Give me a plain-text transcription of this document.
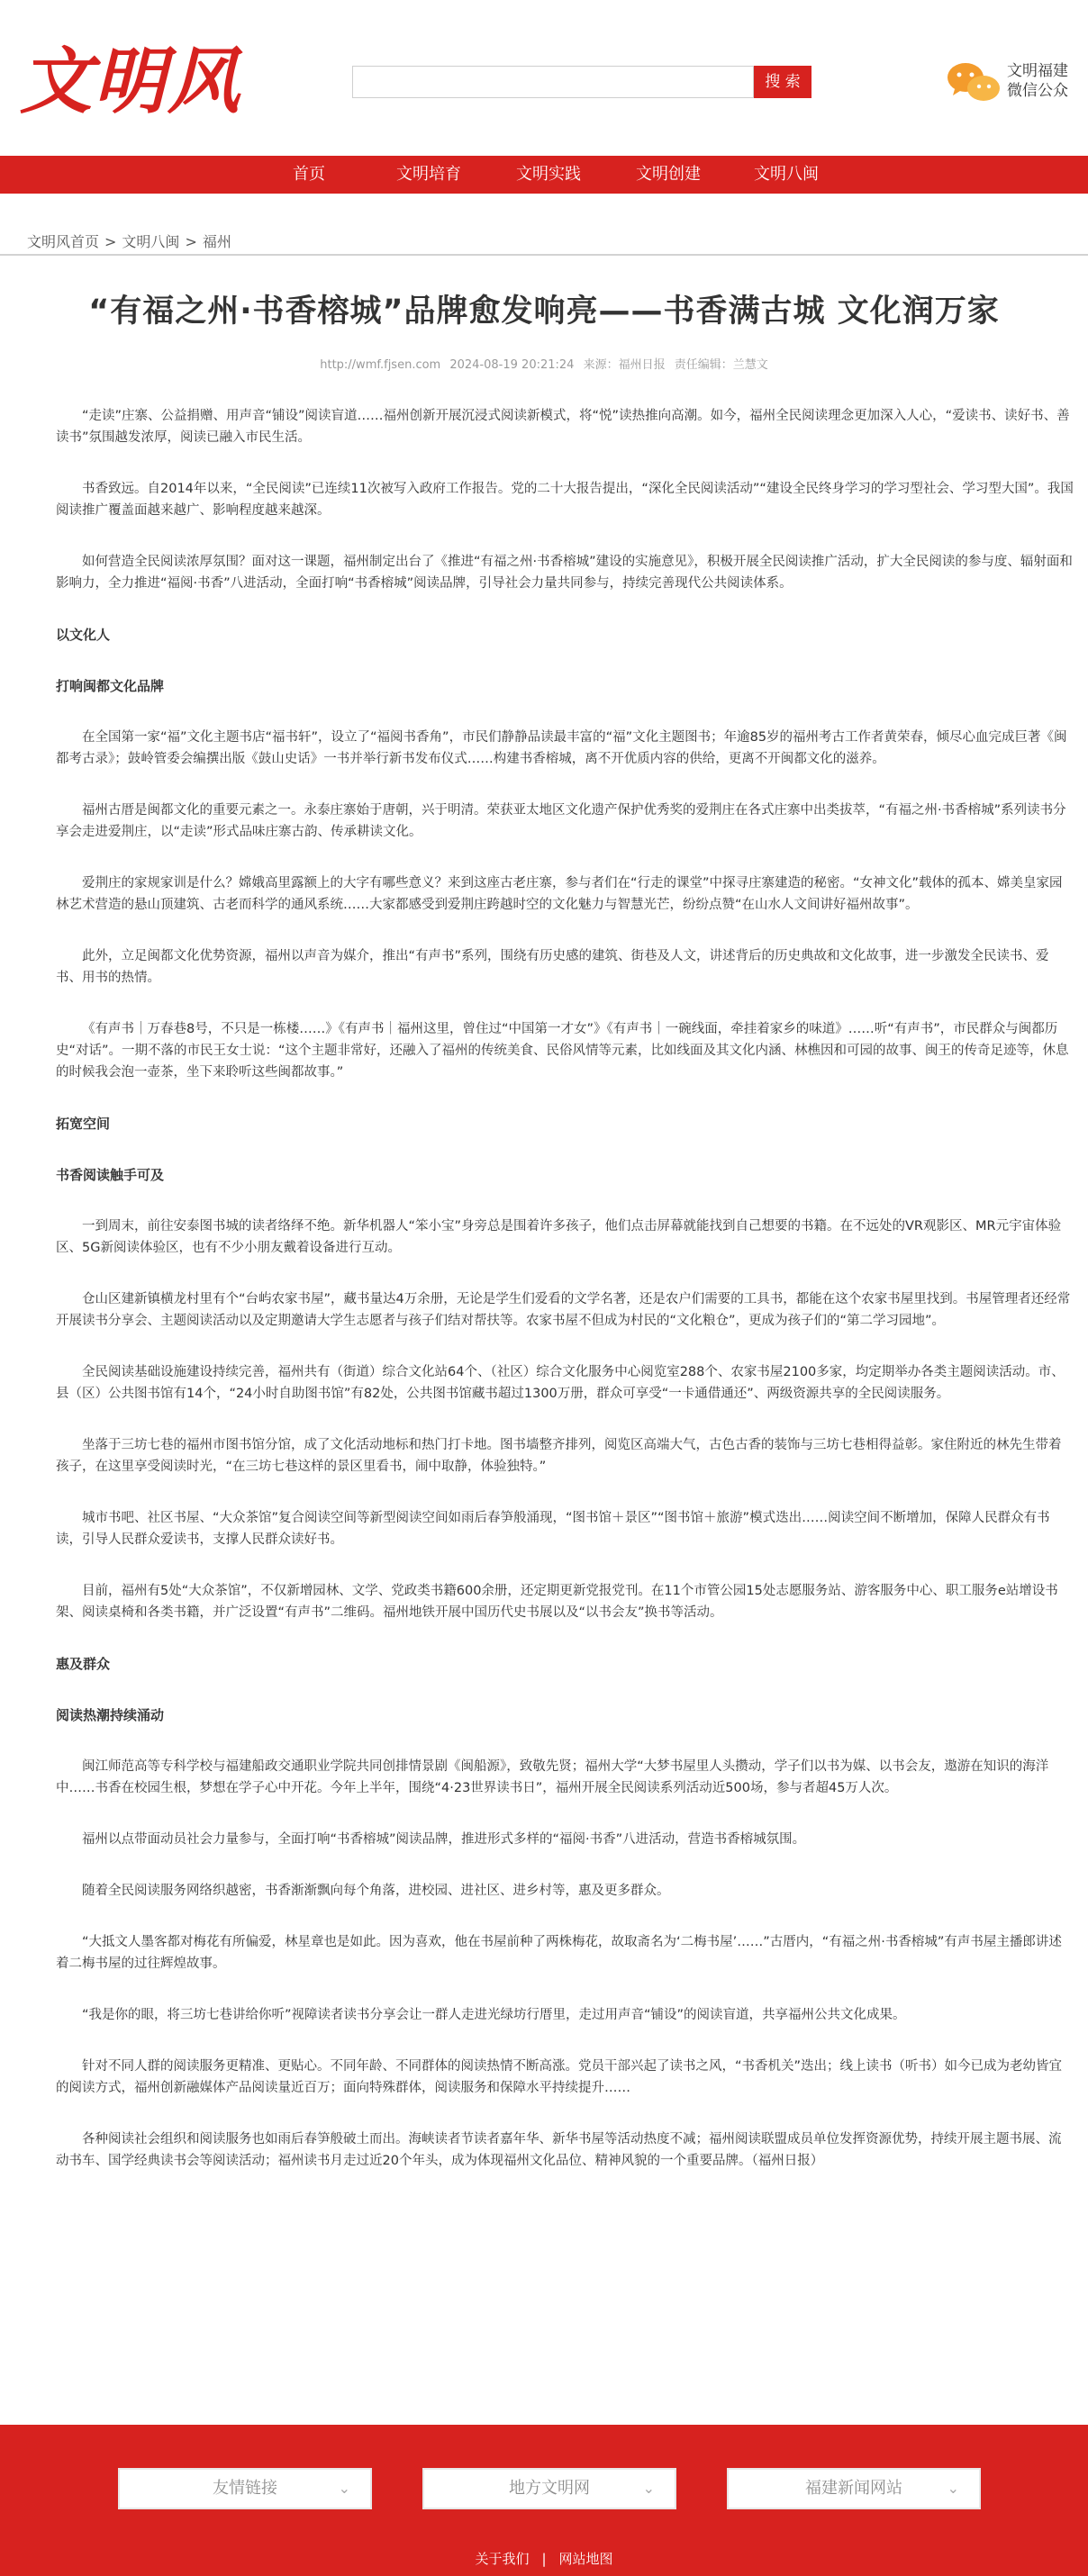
文明风	搜 索
文明福建
微信公众
首页	文明培育	文明实践	文明创建	文明八闽
文明风首页 > 文明八闽 > 福州
“有福之州·书香榕城”品牌愈发响亮——书香满古城 文化润万家
http://wmf.fjsen.com 2024-08-19 20:21:24 来源：福州日报 责任编辑：兰慧文
“走读”庄寨、公益捐赠、用声音“铺设”阅读盲道……福州创新开展沉浸式阅读新模式，将“悦”读热推向高潮。如今，福州全民阅读理念更加深入人心，“爱读书、读好书、善读书”氛围越发浓厚，阅读已融入市民生活。
书香致远。自2014年以来，“全民阅读”已连续11次被写入政府工作报告。党的二十大报告提出，“深化全民阅读活动”“建设全民终身学习的学习型社会、学习型大国”。我国阅读推广覆盖面越来越广、影响程度越来越深。
如何营造全民阅读浓厚氛围？面对这一课题，福州制定出台了《推进“有福之州·书香榕城”建设的实施意见》，积极开展全民阅读推广活动，扩大全民阅读的参与度、辐射面和影响力，全力推进“福阅·书香”八进活动，全面打响“书香榕城”阅读品牌，引导社会力量共同参与，持续完善现代公共阅读体系。
以文化人
打响闽都文化品牌
在全国第一家“福”文化主题书店“福书轩”，设立了“福阅书香角”，市民们静静品读最丰富的“福”文化主题图书；年逾85岁的福州考古工作者黄荣春，倾尽心血完成巨著《闽都考古录》；鼓岭管委会编撰出版《鼓山史话》一书并举行新书发布仪式……构建书香榕城，离不开优质内容的供给，更离不开闽都文化的滋养。
福州古厝是闽都文化的重要元素之一。永泰庄寨始于唐朝，兴于明清。荣获亚太地区文化遗产保护优秀奖的爱荆庄在各式庄寨中出类拔萃，“有福之州·书香榕城”系列读书分享会走进爱荆庄，以“走读”形式品味庄寨古韵、传承耕读文化。
爱荆庄的家规家训是什么？嫦娥高里露额上的大字有哪些意义？来到这座古老庄寨，参与者们在“行走的课堂”中探寻庄寨建造的秘密。“女神文化”载体的孤本、嫦美皇家园林艺术营造的悬山顶建筑、古老而科学的通风系统……大家都感受到爱荆庄跨越时空的文化魅力与智慧光芒，纷纷点赞“在山水人文间讲好福州故事”。
此外，立足闽都文化优势资源，福州以声音为媒介，推出“有声书”系列，围绕有历史感的建筑、街巷及人文，讲述背后的历史典故和文化故事，进一步激发全民读书、爱书、用书的热情。
《有声书｜万春巷8号，不只是一栋楼……》《有声书｜福州这里，曾住过“中国第一才女”》《有声书｜一碗线面，牵挂着家乡的味道》……听“有声书”，市民群众与闽都历史“对话”。一期不落的市民王女士说：“这个主题非常好，还融入了福州的传统美食、民俗风情等元素，比如线面及其文化内涵、林樵因和可园的故事、闽王的传奇足迹等，休息的时候我会泡一壶茶，坐下来聆听这些闽都故事。”
拓宽空间
书香阅读触手可及
一到周末，前往安泰图书城的读者络绎不绝。新华机器人“笨小宝”身旁总是围着许多孩子，他们点击屏幕就能找到自己想要的书籍。在不远处的VR观影区、MR元宇宙体验区、5G新阅读体验区，也有不少小朋友戴着设备进行互动。
仓山区建新镇横龙村里有个“台屿农家书屋”，藏书量达4万余册，无论是学生们爱看的文学名著，还是农户们需要的工具书，都能在这个农家书屋里找到。书屋管理者还经常开展读书分享会、主题阅读活动以及定期邀请大学生志愿者与孩子们结对帮扶等。农家书屋不但成为村民的“文化粮仓”，更成为孩子们的“第二学习园地”。
全民阅读基础设施建设持续完善，福州共有（街道）综合文化站64个、（社区）综合文化服务中心阅览室288个、农家书屋2100多家，均定期举办各类主题阅读活动。市、县（区）公共图书馆有14个，“24小时自助图书馆”有82处，公共图书馆藏书超过1300万册，群众可享受“一卡通借通还”、两级资源共享的全民阅读服务。
坐落于三坊七巷的福州市图书馆分馆，成了文化活动地标和热门打卡地。图书墙整齐排列，阅览区高端大气，古色古香的装饰与三坊七巷相得益彰。家住附近的林先生带着孩子，在这里享受阅读时光，“在三坊七巷这样的景区里看书，闹中取静，体验独特。”
城市书吧、社区书屋、“大众茶馆”复合阅读空间等新型阅读空间如雨后春笋般涌现，“图书馆＋景区”“图书馆＋旅游”模式迭出……阅读空间不断增加，保障人民群众有书读，引导人民群众爱读书，支撑人民群众读好书。
目前，福州有5处“大众茶馆”，不仅新增园林、文学、党政类书籍600余册，还定期更新党报党刊。在11个市管公园15处志愿服务站、游客服务中心、职工服务e站增设书架、阅读桌椅和各类书籍，并广泛设置“有声书”二维码。福州地铁开展中国历代史书展以及“以书会友”换书等活动。
惠及群众
阅读热潮持续涌动
闽江师范高等专科学校与福建船政交通职业学院共同创排情景剧《闽船源》，致敬先贤；福州大学“大梦书屋里人头攒动，学子们以书为媒、以书会友，遨游在知识的海洋中……书香在校园生根，梦想在学子心中开花。今年上半年，围绕“4·23世界读书日”，福州开展全民阅读系列活动近500场，参与者超45万人次。
福州以点带面动员社会力量参与，全面打响“书香榕城”阅读品牌，推进形式多样的“福阅·书香”八进活动，营造书香榕城氛围。
随着全民阅读服务网络织越密，书香渐渐飘向每个角落，进校园、进社区、进乡村等，惠及更多群众。
“大抵文人墨客都对梅花有所偏爱，林星章也是如此。因为喜欢，他在书屋前种了两株梅花，故取斋名为‘二梅书屋’……”古厝内，“有福之州·书香榕城”有声书屋主播郎讲述着二梅书屋的过往辉煌故事。
“我是你的眼，将三坊七巷讲给你听”视障读者读书分享会让一群人走进光绿坊行厝里，走过用声音“铺设”的阅读盲道，共享福州公共文化成果。
针对不同人群的阅读服务更精准、更贴心。不同年龄、不同群体的阅读热情不断高涨。党员干部兴起了读书之风，“书香机关”迭出；线上读书（听书）如今已成为老幼皆宜的阅读方式，福州创新融媒体产品阅读量近百万；面向特殊群体，阅读服务和保障水平持续提升……
各种阅读社会组织和阅读服务也如雨后春笋般破土而出。海峡读者节读者嘉年华、新华书屋等活动热度不减；福州阅读联盟成员单位发挥资源优势，持续开展主题书展、流动书车、国学经典读书会等阅读活动；福州读书月走过近20个年头，成为体现福州文化品位、精神风貌的一个重要品牌。（福州日报）
友情链接	⌄	地方文明网	⌄	福建新闻网站	⌄
关于我们 | 网站地图
